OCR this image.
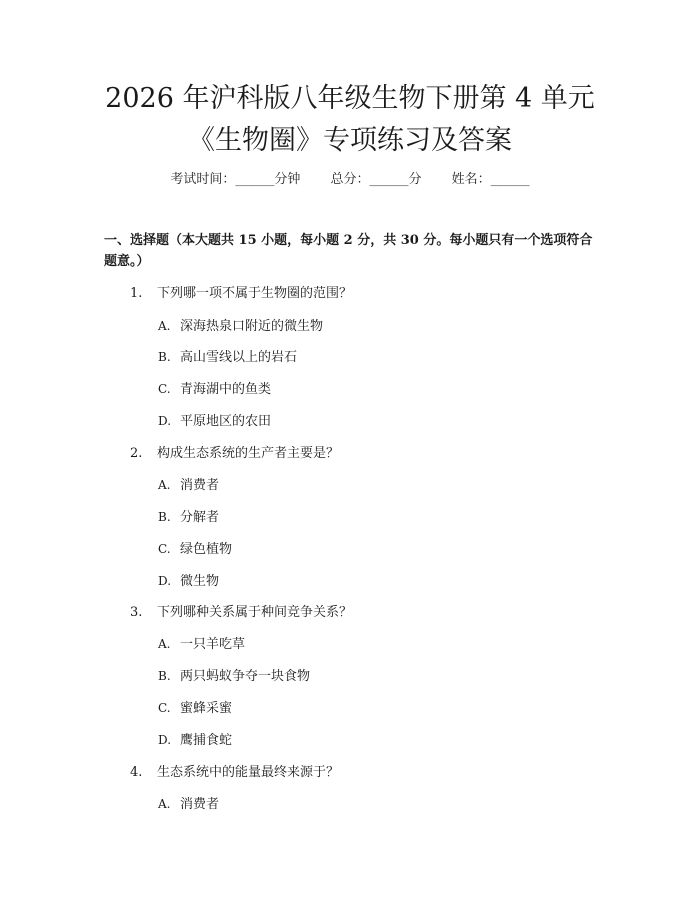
2026 年沪科版八年级生物下册第 4 单元《生物圈》专项练习及答案
考试时间：______分钟 总分：______分 姓名：______

一、选择题（本大题共 15 小题，每小题 2 分，共 30 分。每小题只有一个选项符合题意。）

1. 下列哪一项不属于生物圈的范围？
A. 深海热泉口附近的微生物
B. 高山雪线以上的岩石
C. 青海湖中的鱼类
D. 平原地区的农田
2. 构成生态系统的生产者主要是？
A. 消费者
B. 分解者
C. 绿色植物
D. 微生物
3. 下列哪种关系属于种间竞争关系？
A. 一只羊吃草
B. 两只蚂蚁争夺一块食物
C. 蜜蜂采蜜
D. 鹰捕食蛇
4. 生态系统中的能量最终来源于？
A. 消费者
